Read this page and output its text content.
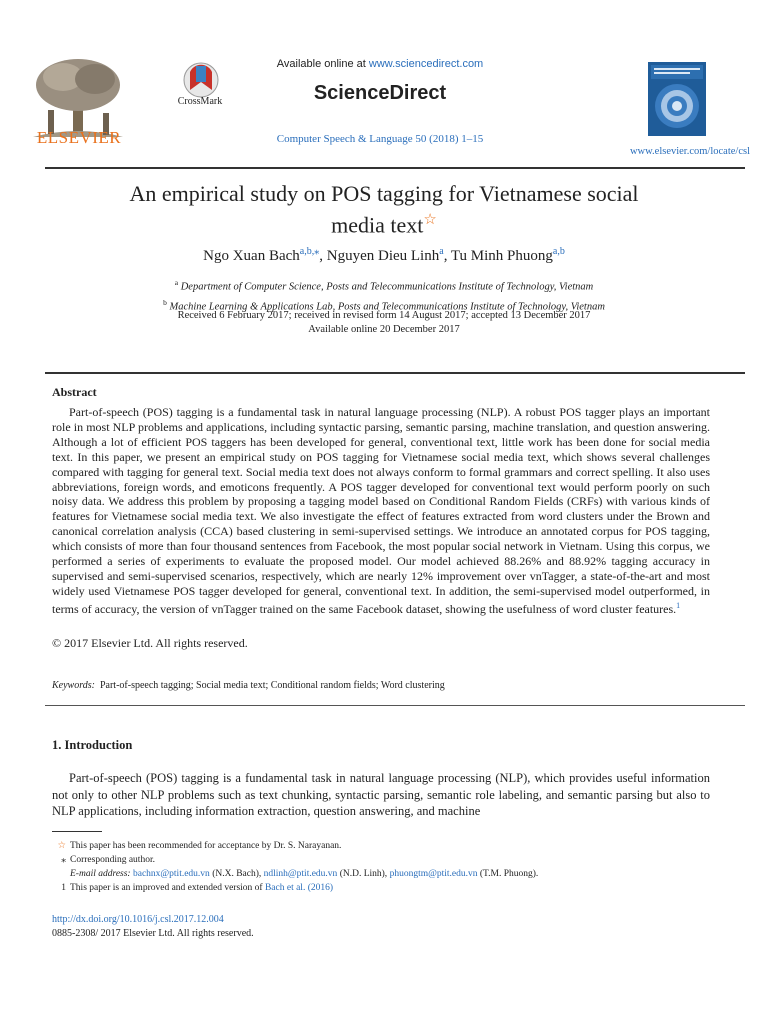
ELSEVIER
CrossMark
Available online at www.sciencedirect.com
ScienceDirect
Computer Speech & Language 50 (2018) 1–15
www.elsevier.com/locate/csl
An empirical study on POS tagging for Vietnamese social
media text☆
Ngo Xuan Bach$^{a,b,⁎}$, Nguyen Dieu Linh$^a$, Tu Minh Phuong$^{a,b}$
$^a$ Department of Computer Science, Posts and Telecommunications Institute of Technology, Vietnam
$^b$ Machine Learning & Applications Lab, Posts and Telecommunications Institute of Technology, Vietnam
Received 6 February 2017; received in revised form 14 August 2017; accepted 13 December 2017
Available online 20 December 2017
Abstract
Part-of-speech (POS) tagging is a fundamental task in natural language processing (NLP). A robust POS tagger plays an important role in most NLP problems and applications, including syntactic parsing, semantic parsing, machine translation, and question answering. Although a lot of efficient POS taggers has been developed for general, conventional text, little work has been done for social media text. In this paper, we present an empirical study on POS tagging for Vietnamese social media text, which shows several challenges compared with tagging for general text. Social media text does not always conform to formal grammars and correct spelling. It also uses abbreviations, foreign words, and emoticons frequently. A POS tagger developed for conventional text would perform poorly on such noisy data. We address this problem by proposing a tagging model based on Conditional Random Fields (CRFs) with various kinds of features for Vietnamese social media text. We also investigate the effect of features extracted from word clusters under the Brown and canonical correlation analysis (CCA) based clustering in semi-supervised settings. We introduce an annotated corpus for POS tagging, which consists of more than four thousand sentences from Facebook, the most popular social network in Vietnam. Using this corpus, we performed a series of experiments to evaluate the proposed model. Our model achieved 88.26% and 88.92% tagging accuracy in supervised and semi-supervised scenarios, respectively, which are nearly 12% improvement over vnTagger, a state-of-the-art and most widely used Vietnamese POS tagger developed for general, conventional text. In addition, the semi-supervised model outperformed, in terms of accuracy, the version of vnTagger trained on the same Facebook dataset, showing the usefulness of word cluster features.$^1$
© 2017 Elsevier Ltd. All rights reserved.
Keywords: Part-of-speech tagging; Social media text; Conditional random fields; Word clustering
1. Introduction
Part-of-speech (POS) tagging is a fundamental task in natural language processing (NLP), which provides useful information not only to other NLP problems such as text chunking, syntactic parsing, semantic role labeling, and semantic parsing but also to NLP applications, including information extraction, question answering, and machine
☆ This paper has been recommended for acceptance by Dr. S. Narayanan.
⁎ Corresponding author.
E-mail address: bachnx@ptit.edu.vn (N.X. Bach), ndlinh@ptit.edu.vn (N.D. Linh), phuongtm@ptit.edu.vn (T.M. Phuong).
1 This paper is an improved and extended version of Bach et al. (2016)
http://dx.doi.org/10.1016/j.csl.2017.12.004
0885-2308/ 2017 Elsevier Ltd. All rights reserved.
